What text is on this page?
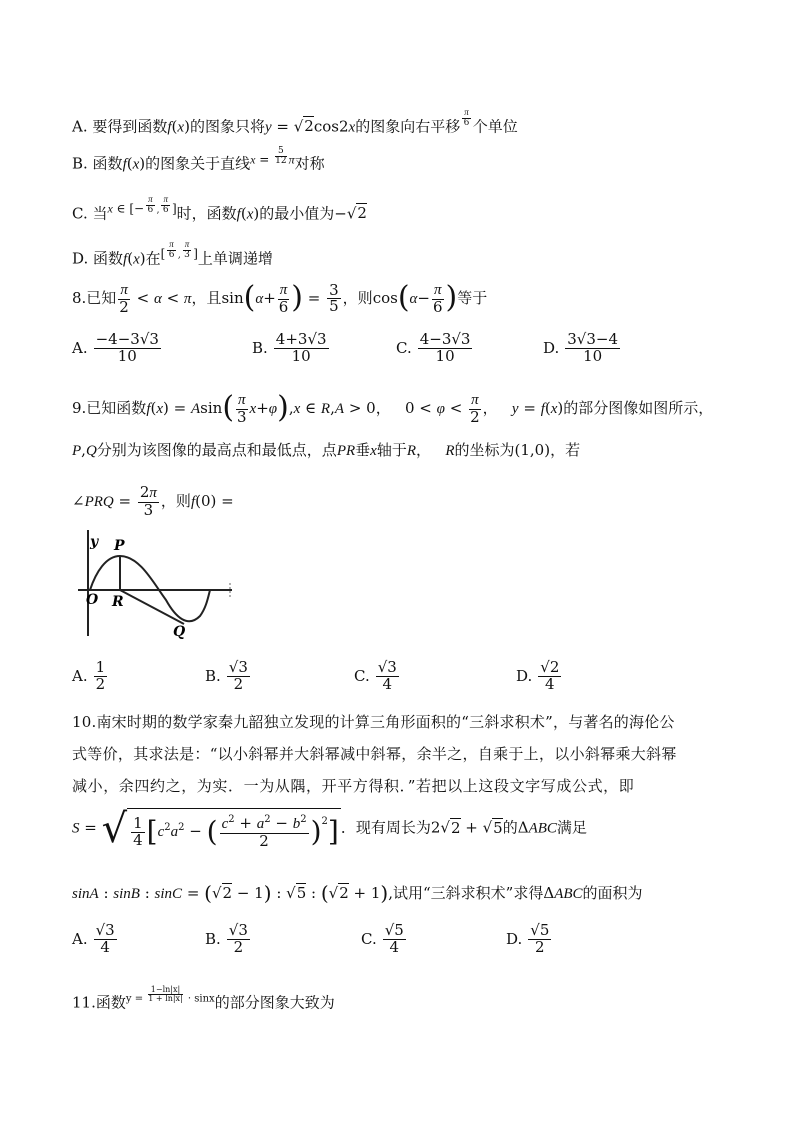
A. 要得到函数f(x)的图象只将y = √2cos2x的图象向右平移 $\frac{\pi}{6}$ 个单位
B. 函数f(x)的图象关于直线$^x$ $^= \frac{5}{12} ^\pi$对称
C. 当$^x$ $^{\in [-} \frac{\pi}{6} ^, \frac{\pi}{6} ^]$时，函数f(x)的最小值为−√2
D. 函数f(x)在$^[ \frac{\pi}{6} ^, \frac{\pi}{3} ^]$上单调递增
8.已知 $\frac{\pi}{2} < \alpha < \pi$，且$\sin(\alpha+ \frac{\pi}{6}$ ) = $\frac{3}{5}$ ，则$\cos(\alpha- \frac{\pi}{6}$ )等于
A. $\frac{-4-3√3}{10}$	B. $\frac{4+3√3}{10}$	C. $\frac{4-3√3}{10}$	D. $\frac{3√3-4}{10}$
9.已知函数$f(x) = Asin( \frac{\pi}{3} x+\varphi),x$ ∈ R,A > 0，   $0 < \varphi < \frac{\pi}{2}$ ，   y = f(x)的部分图像如图所示，
P,Q分别为该图像的最高点和最低点，点PR垂x轴于R，   R的坐标为(1,0)，若
∠PRQ = $\frac{2\pi}{3}$ ，则f(0) =
y P
O R
Q
A. $\frac{1}{2}$	B. $\frac{√3}{2}$	C. $\frac{√3}{4}$	D. $\frac{√2}{4}$
10.南宋时期的数学家秦九韶独立发现的计算三角形面积的“三斜求积术”，与著名的海伦公
式等价，其求法是：“以小斜幂并大斜幂减中斜幂，余半之，自乘于上，以小斜幂乘大斜幂
减小，余四约之，为实．一为从隅，开平方得积．”若把以上这段文字写成公式，即
S = √ $\frac{1}{4} [c^2a^2$ − ( $\frac{c^2 + a^2 - b^2}{2} )^2$] ．现有周长为2√2 + √5的ΔABC满足
sinA : sinB : sinC = (√2 − 1) : √5 : (√2 + 1),试用“三斜求积术”求得ΔABC的面积为
A. $\frac{√3}{4}$	B. $\frac{√3}{2}$	C. $\frac{√5}{4}$	D. $\frac{√5}{2}$
11.函数$^{y =} \frac{1-\ln|x|}{1 + \ln|x|} ^{\cdot sinx}$的部分图象大致为
